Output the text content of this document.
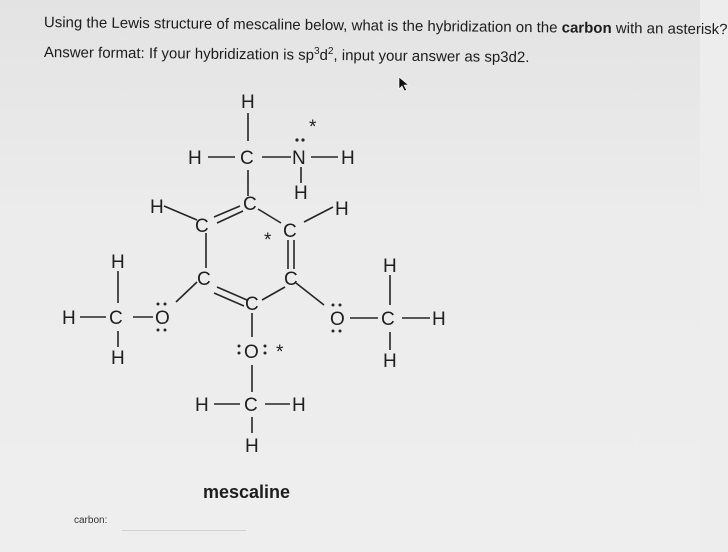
Using the Lewis structure of mescaline below, what is the hybridization on the carbon with an asterisk?
Answer format: If your hybridization is $sp^3d^2$, input your answer as sp3d2.
H
H C N H
H
*
H
C
C
C
*
H
C	C
C
H
H C O
H
O C H
H
H
O *
H C H
H
mescaline
carbon:
